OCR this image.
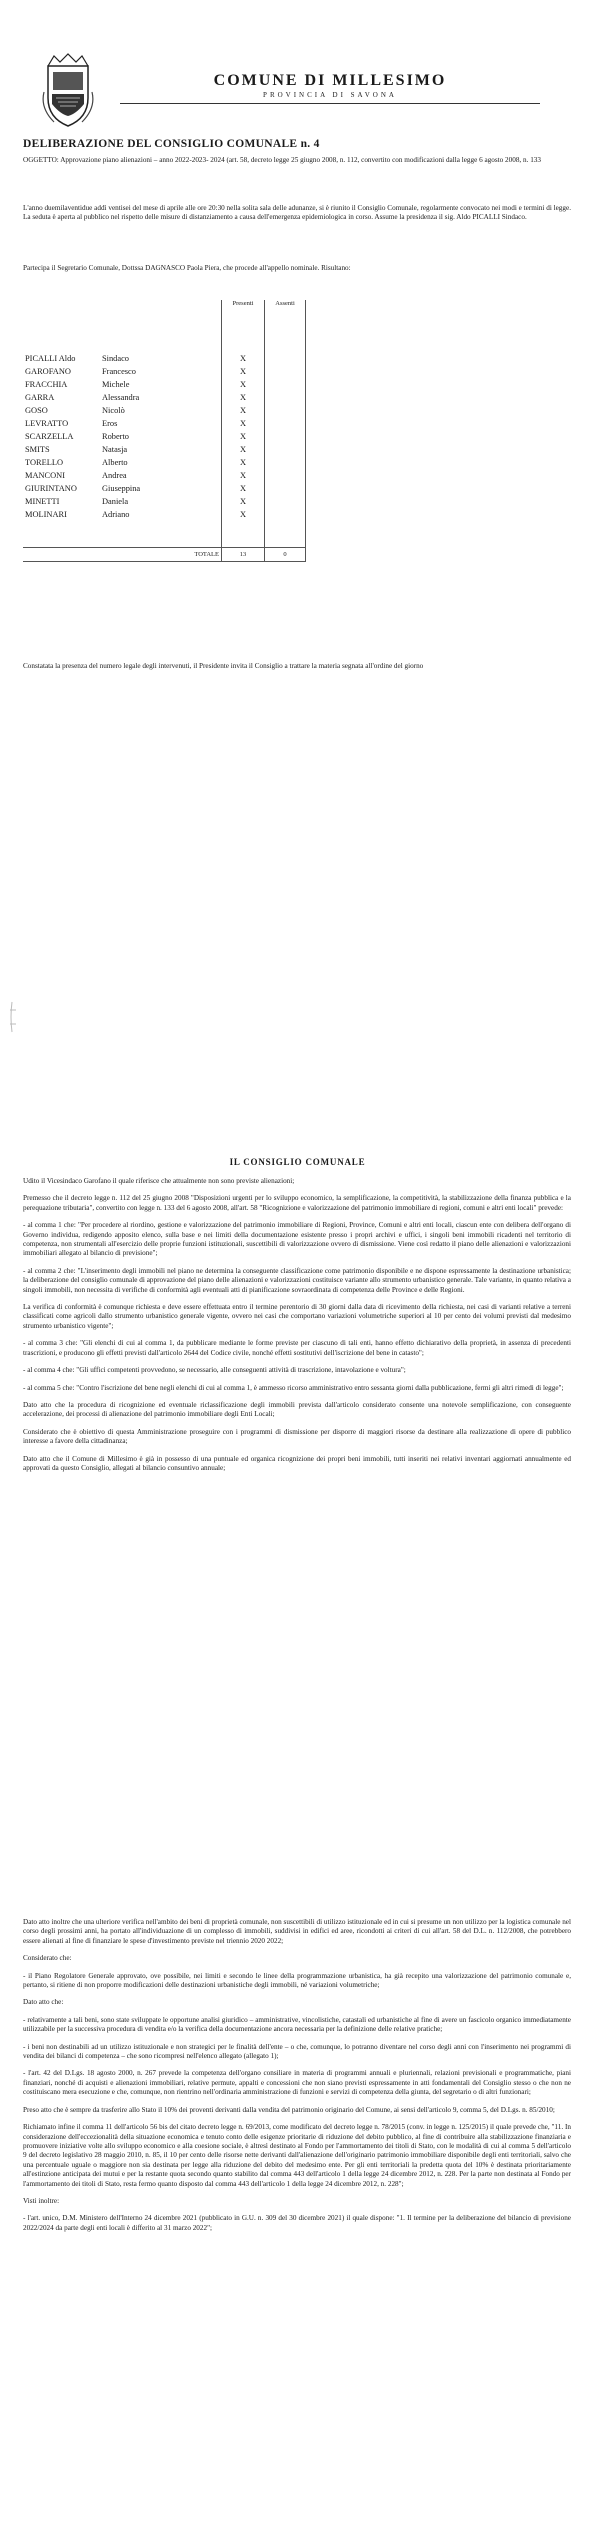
COMUNE DI MILLESIMO
PROVINCIA DI SAVONA
DELIBERAZIONE DEL CONSIGLIO COMUNALE n. 4
OGGETTO: Approvazione piano alienazioni – anno 2022-2023- 2024 (art. 58, decreto legge 25 giugno 2008, n. 112, convertito con modificazioni dalla legge 6 agosto 2008, n. 133
L'anno duemilaventidue addì ventisei del mese di aprile alle ore 20:30 nella solita sala delle adunanze, si è riunito il Consiglio Comunale, regolarmente convocato nei modi e termini di legge. La seduta è aperta al pubblico nel rispetto delle misure di distanziamento a causa dell'emergenza epidemiologica in corso. Assume la presidenza il sig. Aldo PICALLI Sindaco.
Partecipa il Segretario Comunale, Dottssa DAGNASCO Paola Piera, che procede all'appello nominale. Risultano:
		Presenti	Assenti

PICALLI Aldo	Sindaco	X	
GAROFANO	Francesco	X	
FRACCHIA	Michele	X	
GARRA	Alessandra	X	
GOSO	Nicolò	X	
LEVRATTO	Eros	X	
SCARZELLA	Roberto	X	
SMITS	Natasja	X	
TORELLO	Alberto	X	
MANCONI	Andrea	X	
GIURINTANO	Giuseppina	X	
MINETTI	Daniela	X	
MOLINARI	Adriano	X	

	TOTALE	13	0
Constatata la presenza del numero legale degli intervenuti, il Presidente invita il Consiglio a trattare la materia segnata all'ordine del giorno
IL CONSIGLIO COMUNALE

Udito il Vicesindaco Garofano il quale riferisce che attualmente non sono previste alienazioni;

Premesso che il decreto legge n. 112 del 25 giugno 2008 "Disposizioni urgenti per lo sviluppo economico, la semplificazione, la competitività, la stabilizzazione della finanza pubblica e la perequazione tributaria", convertito con legge n. 133 del 6 agosto 2008, all'art. 58 "Ricognizione e valorizzazione del patrimonio immobiliare di regioni, comuni e altri enti locali" prevede:

- al comma 1 che: "Per procedere al riordino, gestione e valorizzazione del patrimonio immobiliare di Regioni, Province, Comuni e altri enti locali, ciascun ente con delibera dell'organo di Governo individua, redigendo apposito elenco, sulla base e nei limiti della documentazione esistente presso i propri archivi e uffici, i singoli beni immobili ricadenti nel territorio di competenza, non strumentali all'esercizio delle proprie funzioni istituzionali, suscettibili di valorizzazione ovvero di dismissione. Viene così redatto il piano delle alienazioni e valorizzazioni immobiliari allegato al bilancio di previsione";

- al comma 2 che: "L'inserimento degli immobili nel piano ne determina la conseguente classificazione come patrimonio disponibile e ne dispone espressamente la destinazione urbanistica; la deliberazione del consiglio comunale di approvazione del piano delle alienazioni e valorizzazioni costituisce variante allo strumento urbanistico generale. Tale variante, in quanto relativa a singoli immobili, non necessita di verifiche di conformità agli eventuali atti di pianificazione sovraordinata di competenza delle Province e delle Regioni.

La verifica di conformità è comunque richiesta e deve essere effettuata entro il termine perentorio di 30 giorni dalla data di ricevimento della richiesta, nei casi di varianti relative a terreni classificati come agricoli dallo strumento urbanistico generale vigente, ovvero nei casi che comportano variazioni volumetriche superiori al 10 per cento dei volumi previsti dal medesimo strumento urbanistico vigente";

- al comma 3 che: "Gli elenchi di cui al comma 1, da pubblicare mediante le forme previste per ciascuno di tali enti, hanno effetto dichiarativo della proprietà, in assenza di precedenti trascrizioni, e producono gli effetti previsti dall'articolo 2644 del Codice civile, nonché effetti sostitutivi dell'iscrizione del bene in catasto";

- al comma 4 che: "Gli uffici competenti provvedono, se necessario, alle conseguenti attività di trascrizione, intavolazione e voltura";

- al comma 5 che: "Contro l'iscrizione del bene negli elenchi di cui al comma 1, è ammesso ricorso amministrativo entro sessanta giorni dalla pubblicazione, fermi gli altri rimedi di legge";

Dato atto che la procedura di ricognizione ed eventuale riclassificazione degli immobili prevista dall'articolo considerato consente una notevole semplificazione, con conseguente accelerazione, dei processi di alienazione del patrimonio immobiliare degli Enti Locali;

Considerato che è obiettivo di questa Amministrazione proseguire con i programmi di dismissione per disporre di maggiori risorse da destinare alla realizzazione di opere di pubblico interesse a favore della cittadinanza;

Dato atto che il Comune di Millesimo è già in possesso di una puntuale ed organica ricognizione dei propri beni immobili, tutti inseriti nei relativi inventari aggiornati annualmente ed approvati da questo Consiglio, allegati al bilancio consuntivo annuale;

Dato atto inoltre che una ulteriore verifica nell'ambito dei beni di proprietà comunale, non suscettibili di utilizzo istituzionale ed in cui si presume un non utilizzo per la logistica comunale nel corso degli prossimi anni, ha portato all'individuazione di un complesso di immobili, suddivisi in edifici ed aree, ricondotti ai criteri di cui all'art. 58 del D.L. n. 112/2008, che potrebbero essere alienati al fine di finanziare le spese d'investimento previste nel triennio 2020 2022;

Considerato che:

- il Piano Regolatore Generale approvato, ove possibile, nei limiti e secondo le linee della programmazione urbanistica, ha già recepito una valorizzazione del patrimonio comunale e, pertanto, si ritiene di non proporre modificazioni delle destinazioni urbanistiche degli immobili, né variazioni volumetriche;

Dato atto che:

- relativamente a tali beni, sono state sviluppate le opportune analisi giuridico – amministrative, vincolistiche, catastali ed urbanistiche al fine di avere un fascicolo organico immediatamente utilizzabile per la successiva procedura di vendita e/o la verifica della documentazione ancora necessaria per la definizione delle relative pratiche;

- i beni non destinabili ad un utilizzo istituzionale e non strategici per le finalità dell'ente – o che, comunque, lo potranno diventare nel corso degli anni con l'inserimento nei programmi di vendita dei bilanci di competenza – che sono ricompresi nell'elenco allegato (allegato 1);

- l'art. 42 del D.Lgs. 18 agosto 2000, n. 267 prevede la competenza dell'organo consiliare in materia di programmi annuali e pluriennali, relazioni previsionali e programmatiche, piani finanziari, nonché di acquisti e alienazioni immobiliari, relative permute, appalti e concessioni che non siano previsti espressamente in atti fondamentali del Consiglio stesso o che non ne costituiscano mera esecuzione e che, comunque, non rientrino nell'ordinaria amministrazione di funzioni e servizi di competenza della giunta, del segretario o di altri funzionari;

Preso atto che è sempre da trasferire allo Stato il 10% dei proventi derivanti dalla vendita del patrimonio originario del Comune, ai sensi dell'articolo 9, comma 5, del D.Lgs. n. 85/2010;

Richiamato infine il comma 11 dell'articolo 56 bis del citato decreto legge n. 69/2013, come modificato del decreto legge n. 78/2015 (conv. in legge n. 125/2015) il quale prevede che, "11. In considerazione dell'eccezionalità della situazione economica e tenuto conto delle esigenze prioritarie di riduzione del debito pubblico, al fine di contribuire alla stabilizzazione finanziaria e promuovere iniziative volte allo sviluppo economico e alla coesione sociale, è altresì destinato al Fondo per l'ammortamento dei titoli di Stato, con le modalità di cui al comma 5 dell'articolo 9 del decreto legislativo 28 maggio 2010, n. 85, il 10 per cento delle risorse nette derivanti dall'alienazione dell'originario patrimonio immobiliare disponibile degli enti territoriali, salvo che una percentuale uguale o maggiore non sia destinata per legge alla riduzione del debito del medesimo ente. Per gli enti territoriali la predetta quota del 10% è destinata prioritariamente all'estinzione anticipata dei mutui e per la restante quota secondo quanto stabilito dal comma 443 dell'articolo 1 della legge 24 dicembre 2012, n. 228. Per la parte non destinata al Fondo per l'ammortamento dei titoli di Stato, resta fermo quanto disposto dal comma 443 dell'articolo 1 della legge 24 dicembre 2012, n. 228";

Visti inoltre:

- l'art. unico, D.M. Ministero dell'Interno 24 dicembre 2021 (pubblicato in G.U. n. 309 del 30 dicembre 2021) il quale dispone: "1. Il termine per la deliberazione del bilancio di previsione 2022/2024 da parte degli enti locali è differito al 31 marzo 2022";
